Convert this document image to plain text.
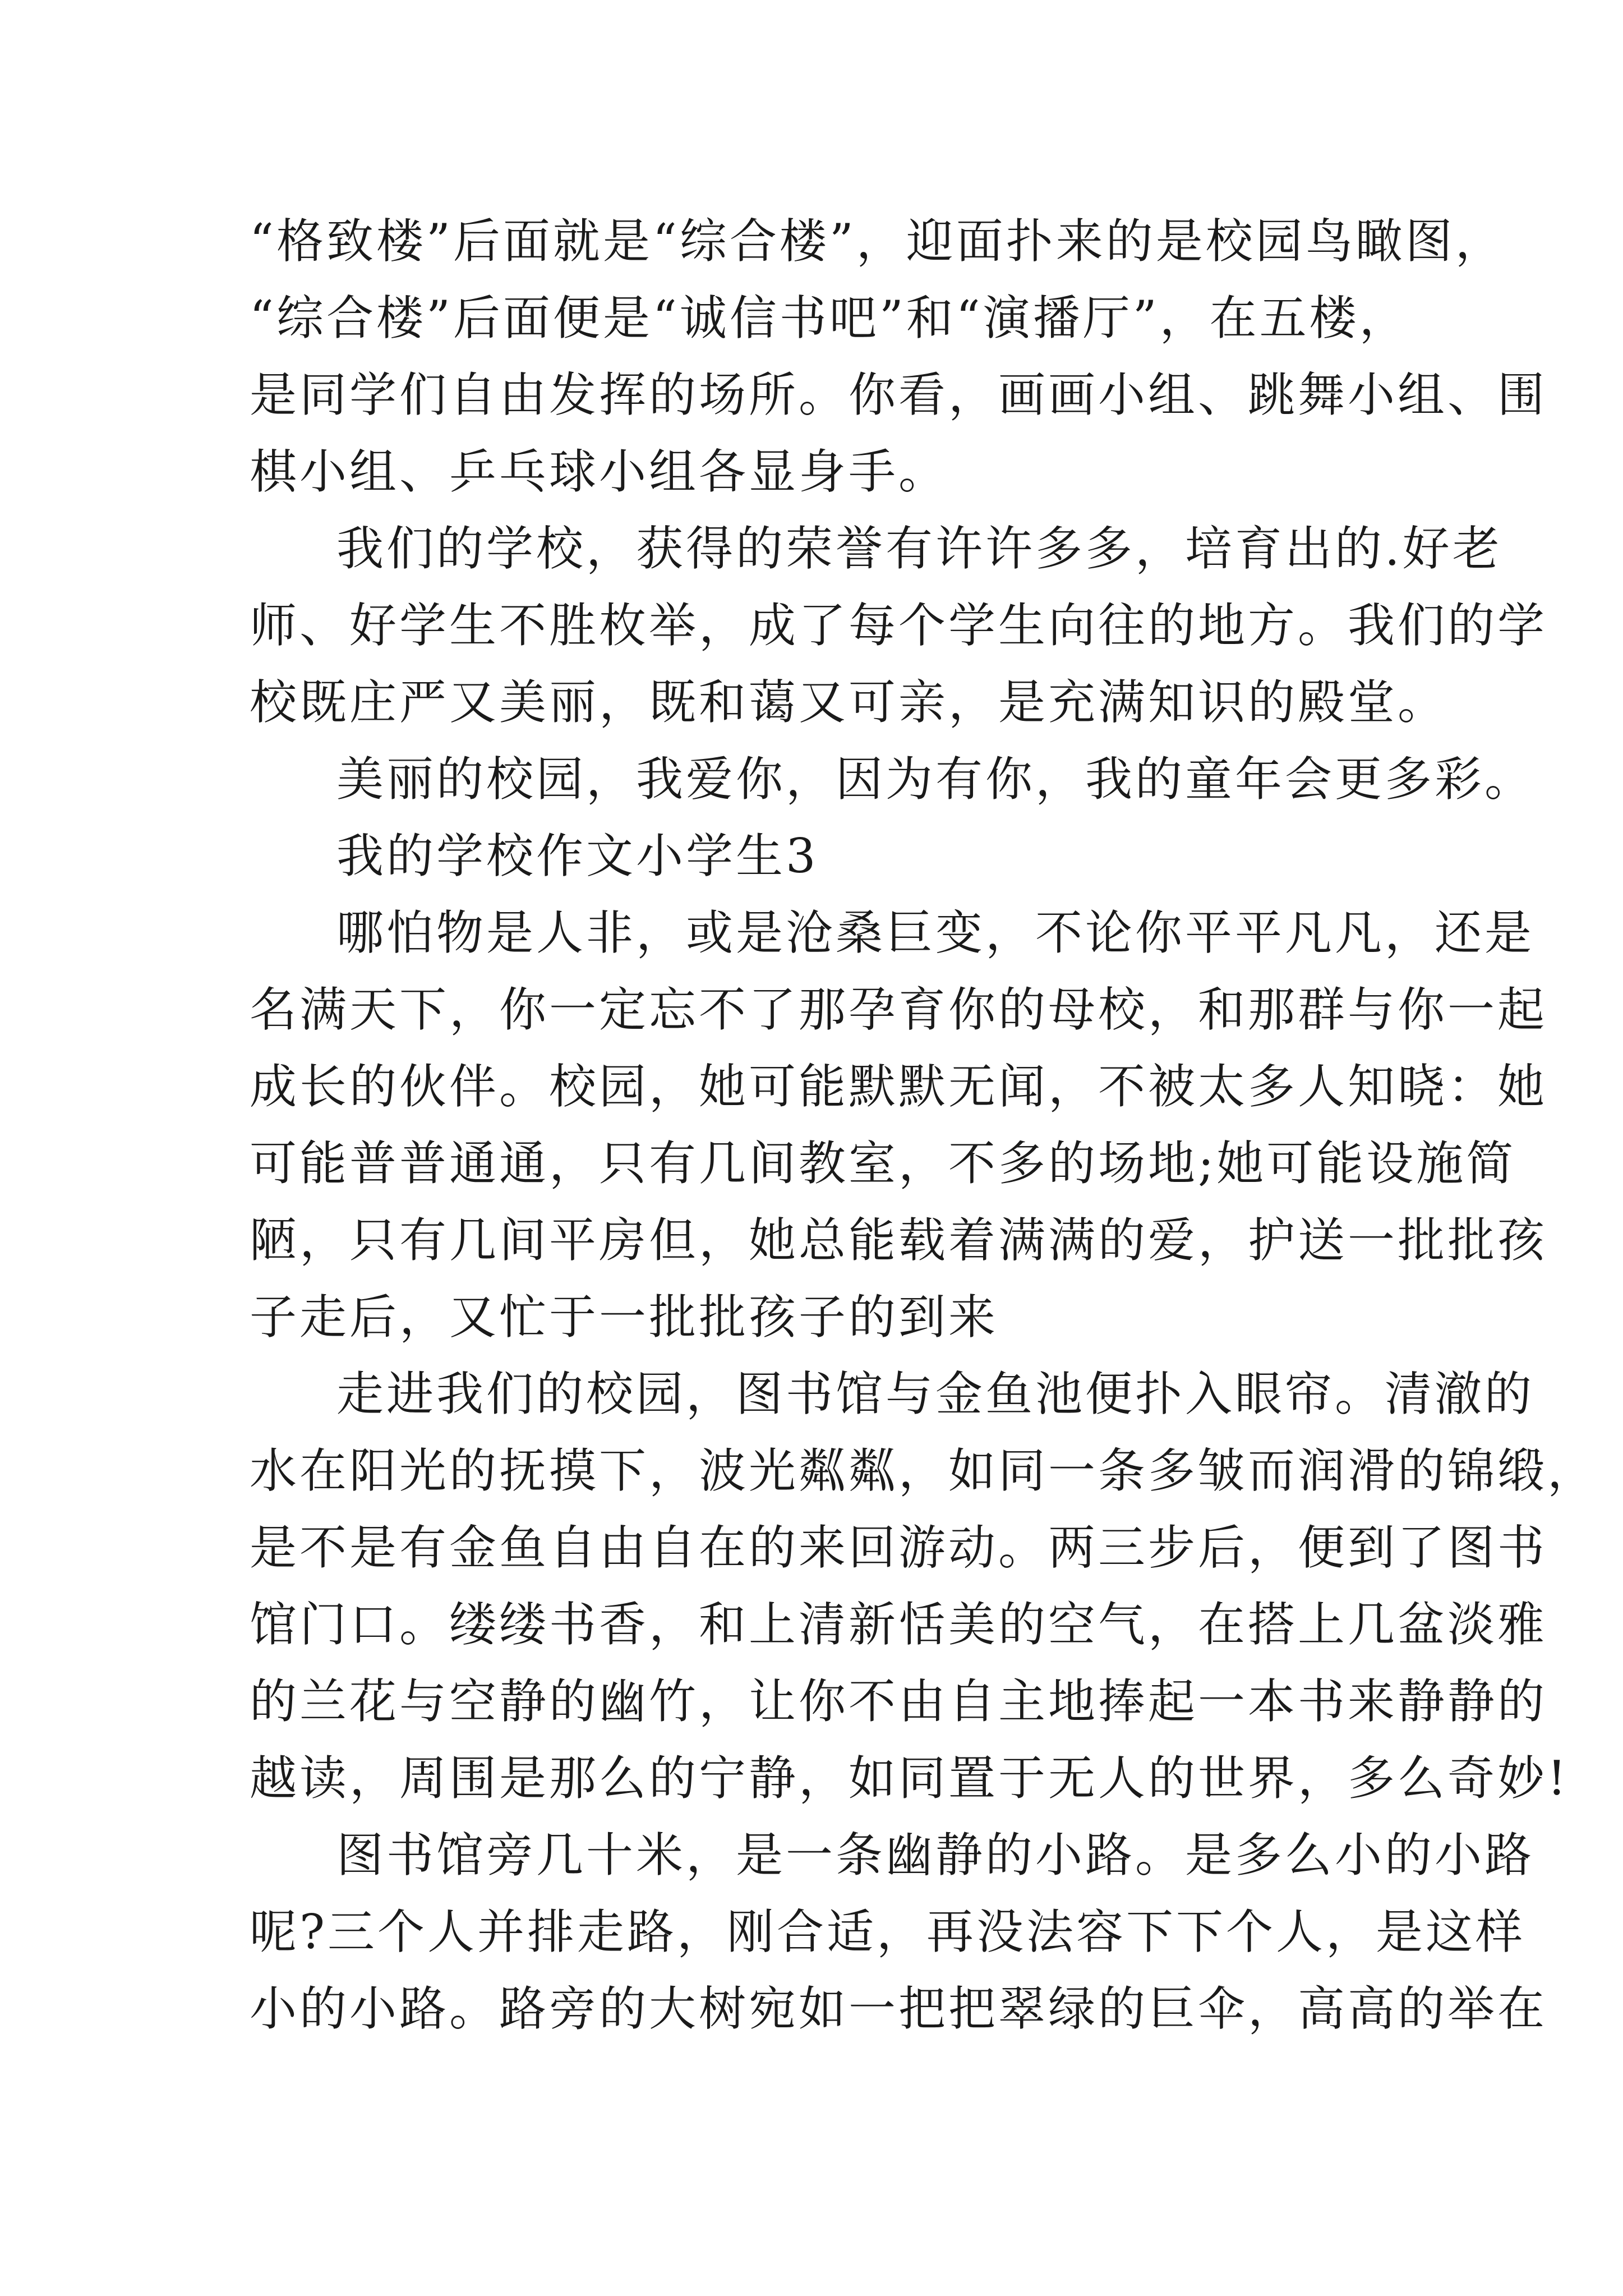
“格致楼”后面就是“综合楼”，迎面扑来的是校园鸟瞰图，
“综合楼”后面便是“诚信书吧”和“演播厅”，在五楼，
是同学们自由发挥的场所。你看，画画小组、跳舞小组、围
棋小组、乒乓球小组各显身手。
我们的学校，获得的荣誉有许许多多，培育出的.好老
师、好学生不胜枚举，成了每个学生向往的地方。我们的学
校既庄严又美丽，既和蔼又可亲，是充满知识的殿堂。
美丽的校园，我爱你，因为有你，我的童年会更多彩。
我的学校作文小学生3
哪怕物是人非，或是沧桑巨变，不论你平平凡凡，还是
名满天下，你一定忘不了那孕育你的母校，和那群与你一起
成长的伙伴。校园，她可能默默无闻，不被太多人知晓：她
可能普普通通，只有几间教室，不多的场地;她可能设施简
陋，只有几间平房但，她总能载着满满的爱，护送一批批孩
子走后，又忙于一批批孩子的到来
走进我们的校园，图书馆与金鱼池便扑入眼帘。清澈的
水在阳光的抚摸下，波光粼粼，如同一条多皱而润滑的锦缎，
是不是有金鱼自由自在的来回游动。两三步后，便到了图书
馆门口。缕缕书香，和上清新恬美的空气，在搭上几盆淡雅
的兰花与空静的幽竹，让你不由自主地捧起一本书来静静的
越读，周围是那么的宁静，如同置于无人的世界，多么奇妙!
图书馆旁几十米，是一条幽静的小路。是多么小的小路
呢?三个人并排走路，刚合适，再没法容下下个人，是这样
小的小路。路旁的大树宛如一把把翠绿的巨伞，高高的举在
